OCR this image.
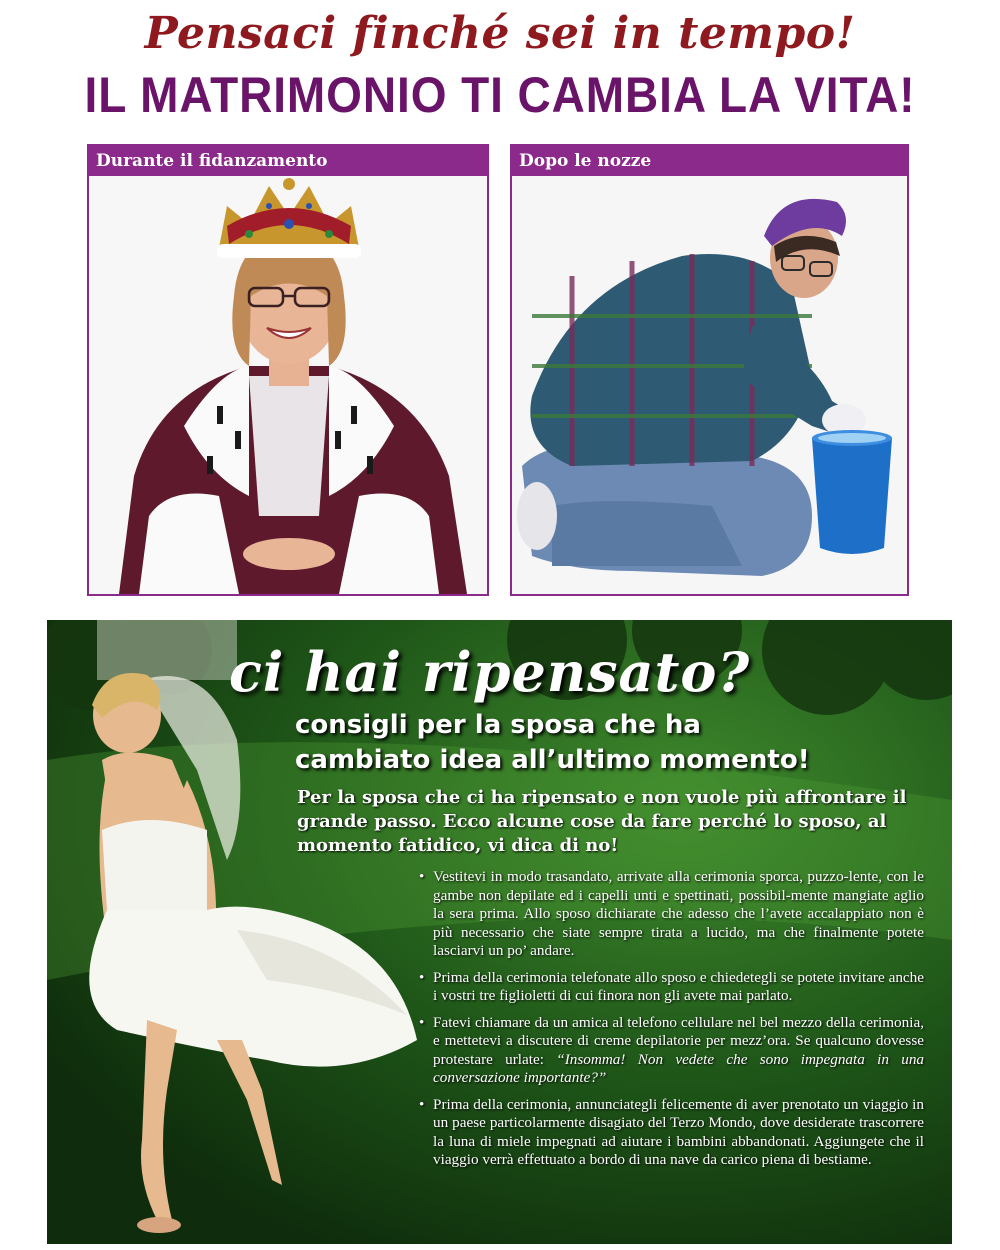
Pensaci finché sei in tempo!
IL MATRIMONIO TI CAMBIA LA VITA!
Durante il fidanzamento	Dopo le nozze
ci hai ripensato?
consigli per la sposa che ha
cambiato idea all’ultimo momento!
Per la sposa che ci ha ripensato e non vuole più affrontare il grande passo. Ecco alcune cose da fare perché lo sposo, al momento fatidico, vi dica di no!
• Vestitevi in modo trasandato, arrivate alla cerimonia sporca, puzzo-lente, con le gambe non depilate ed i capelli unti e spettinati, possibil-mente mangiate aglio la sera prima. Allo sposo dichiarate che adesso che l’avete accalappiato non è più necessario che siate sempre tirata a lucido, ma che finalmente potete lasciarvi un po’ andare.
• Prima della cerimonia telefonate allo sposo e chiedetegli se potete invitare anche i vostri tre figlioletti di cui finora non gli avete mai parlato.
• Fatevi chiamare da un amica al telefono cellulare nel bel mezzo della cerimonia, e mettetevi a discutere di creme depilatorie per mezz’ora. Se qualcuno dovesse protestare urlate: “Insomma! Non vedete che sono impegnata in una conversazione importante?”
• Prima della cerimonia, annunciategli felicemente di aver prenotato un viaggio in un paese particolarmente disagiato del Terzo Mondo, dove desiderate trascorrere la luna di miele impegnati ad aiutare i bambini abbandonati. Aggiungete che il viaggio verrà effettuato a bordo di una nave da carico piena di bestiame.
